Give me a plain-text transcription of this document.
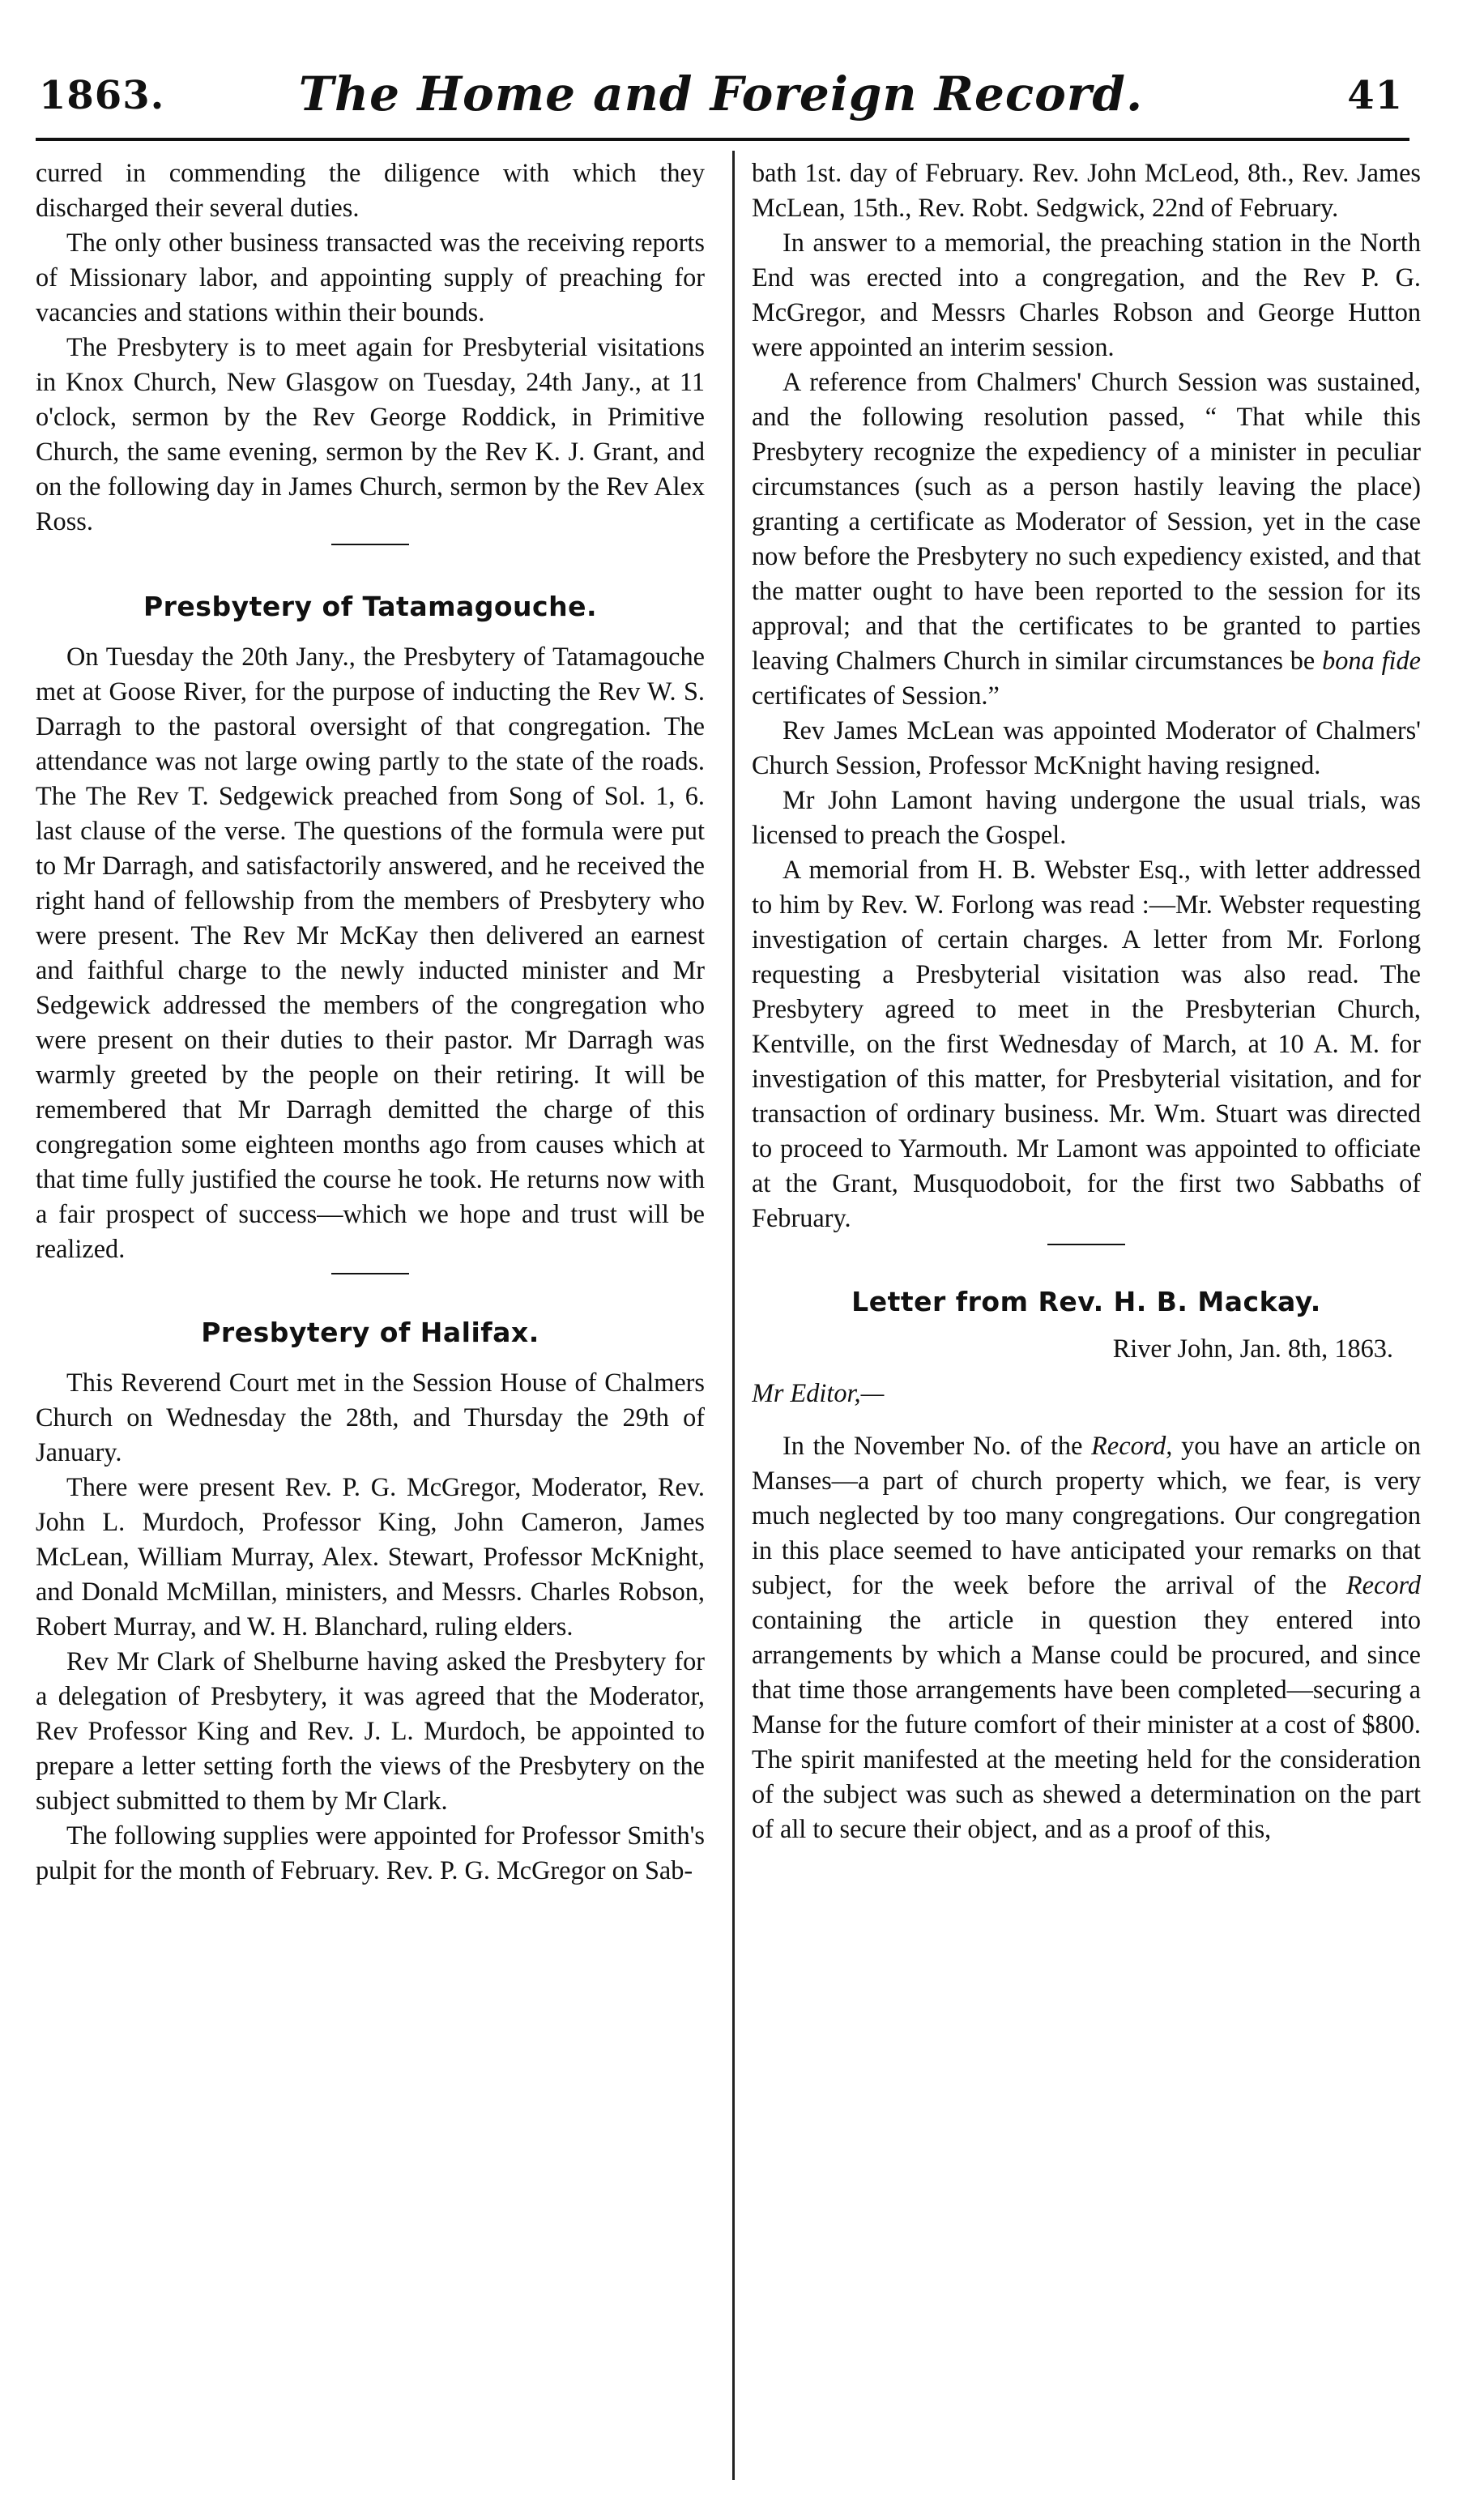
1863.	The Home and Foreign Record.	41

curred in commending the diligence with which they discharged their several duties.

The only other business transacted was the receiving reports of Missionary labor, and appointing supply of preaching for vacancies and stations within their bounds.

The Presbytery is to meet again for Presbyterial visitations in Knox Church, New Glasgow on Tuesday, 24th Jany., at 11 o'clock, sermon by the Rev George Roddick, in Primitive Church, the same evening, sermon by the Rev K. J. Grant, and on the following day in James Church, sermon by the Rev Alex Ross.

Presbytery of Tatamagouche.

On Tuesday the 20th Jany., the Presbytery of Tatamagouche met at Goose River, for the purpose of inducting the Rev W. S. Darragh to the pastoral oversight of that congregation. The attendance was not large owing partly to the state of the roads. The The Rev T. Sedgewick preached from Song of Sol. 1, 6. last clause of the verse. The questions of the formula were put to Mr Darragh, and satisfactorily answered, and he received the right hand of fellowship from the members of Presbytery who were present. The Rev Mr McKay then delivered an earnest and faithful charge to the newly inducted minister and Mr Sedgewick addressed the members of the congregation who were present on their duties to their pastor. Mr Darragh was warmly greeted by the people on their retiring. It will be remembered that Mr Darragh demitted the charge of this congregation some eighteen months ago from causes which at that time fully justified the course he took. He returns now with a fair prospect of success—which we hope and trust will be realized.

Presbytery of Halifax.

This Reverend Court met in the Session House of Chalmers Church on Wednesday the 28th, and Thursday the 29th of January.

There were present Rev. P. G. McGregor, Moderator, Rev. John L. Murdoch, Professor King, John Cameron, James McLean, William Murray, Alex. Stewart, Professor McKnight, and Donald McMillan, ministers, and Messrs. Charles Robson, Robert Murray, and W. H. Blanchard, ruling elders.

Rev Mr Clark of Shelburne having asked the Presbytery for a delegation of Presbytery, it was agreed that the Moderator, Rev Professor King and Rev. J. L. Murdoch, be appointed to prepare a letter setting forth the views of the Presbytery on the subject submitted to them by Mr Clark.

The following supplies were appointed for Professor Smith's pulpit for the month of February. Rev. P. G. McGregor on Sab-

bath 1st. day of February. Rev. John McLeod, 8th., Rev. James McLean, 15th., Rev. Robt. Sedgwick, 22nd of February.

In answer to a memorial, the preaching station in the North End was erected into a congregation, and the Rev P. G. McGregor, and Messrs Charles Robson and George Hutton were appointed an interim session.

A reference from Chalmers' Church Session was sustained, and the following resolution passed, “ That while this Presbytery recognize the expediency of a minister in peculiar circumstances (such as a person hastily leaving the place) granting a certificate as Moderator of Session, yet in the case now before the Presbytery no such expediency existed, and that the matter ought to have been reported to the session for its approval; and that the certificates to be granted to parties leaving Chalmers Church in similar circumstances be bona fide certificates of Session.”

Rev James McLean was appointed Moderator of Chalmers' Church Session, Professor McKnight having resigned.

Mr John Lamont having undergone the usual trials, was licensed to preach the Gospel.

A memorial from H. B. Webster Esq., with letter addressed to him by Rev. W. Forlong was read :—Mr. Webster requesting investigation of certain charges. A letter from Mr. Forlong requesting a Presbyterial visitation was also read. The Presbytery agreed to meet in the Presbyterian Church, Kentville, on the first Wednesday of March, at 10 A. M. for investigation of this matter, for Presbyterial visitation, and for transaction of ordinary business. Mr. Wm. Stuart was directed to proceed to Yarmouth. Mr Lamont was appointed to officiate at the Grant, Musquodoboit, for the first two Sabbaths of February.

Letter from Rev. H. B. Mackay.
River John, Jan. 8th, 1863.
Mr Editor,—

In the November No. of the Record, you have an article on Manses—a part of church property which, we fear, is very much neglected by too many congregations. Our congregation in this place seemed to have anticipated your remarks on that subject, for the week before the arrival of the Record containing the article in question they entered into arrangements by which a Manse could be procured, and since that time those arrangements have been completed—securing a Manse for the future comfort of their minister at a cost of $800. The spirit manifested at the meeting held for the consideration of the subject was such as shewed a determination on the part of all to secure their object, and as a proof of this,
